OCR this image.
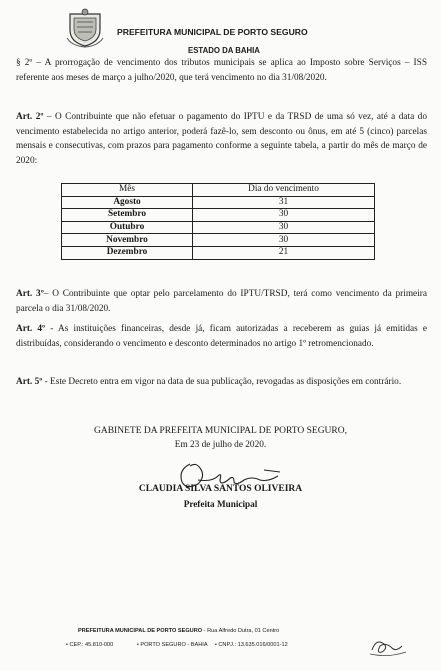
PREFEITURA MUNICIPAL DE PORTO SEGURO
ESTADO DA BAHIA
§ 2º – A prorrogação de vencimento dos tributos municipais se aplica ao Imposto sobre Serviços – ISS referente aos meses de março a julho/2020, que terá vencimento no dia 31/08/2020.
Art. 2º – O Contribuinte que não efetuar o pagamento do IPTU e da TRSD de uma só vez, até a data do vencimento estabelecida no artigo anterior, poderá fazê-lo, sem desconto ou ônus, em até 5 (cinco) parcelas mensais e consecutivas, com prazos para pagamento conforme a seguinte tabela, a partir do mês de março de 2020:
Mês	Dia do vencimento
Agosto	31
Setembro	30
Outubro	30
Novembro	30
Dezembro	21
Art. 3º– O Contribuinte que optar pelo parcelamento do IPTU/TRSD, terá como vencimento da primeira parcela o dia 31/08/2020.
Art. 4º - As instituições financeiras, desde já, ficam autorizadas a receberem as guias já emitidas e distribuídas, considerando o vencimento e desconto determinados no artigo 1º retromencionado.
Art. 5º - Este Decreto entra em vigor na data de sua publicação, revogadas as disposições em contrário.
GABINETE DA PREFEITA MUNICIPAL DE PORTO SEGURO,
Em 23 de julho de 2020.
CLAUDIA SILVA SANTOS OLIVEIRA
Prefeita Municipal
PREFEITURA MUNICIPAL DE PORTO SEGURO - Rua Alfredo Dutra, 01 Centro
• CEP.: 45.810-000	• PORTO SEGURO - BAHIA • CNPJ.: 13.635.016/0001-12
